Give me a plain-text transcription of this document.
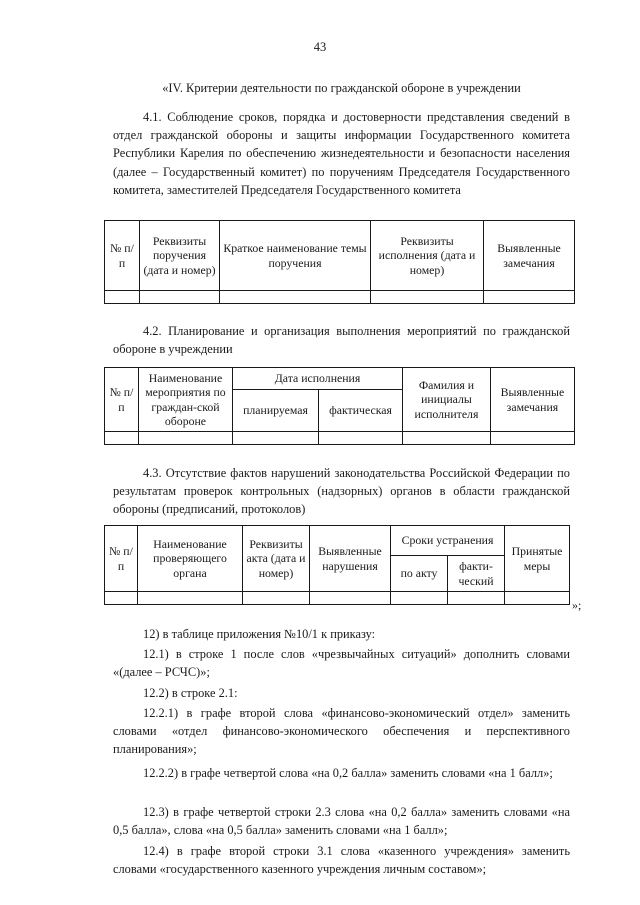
43
«IV. Критерии деятельности по гражданской обороне в учреждении
4.1. Соблюдение сроков, порядка и достоверности представления сведений в отдел гражданской обороны и защиты информации Государственного комитета Республики Карелия по обеспечению жизнедеятельности и безопасности населения (далее – Государственный комитет) по поручениям Председателя Государственного комитета, заместителей Председателя Государственного комитета
№ п/п	Реквизиты поручения (дата и номер)	Краткое наименование темы поручения	Реквизиты исполнения (дата и номер)	Выявленные замечания

4.2. Планирование и организация выполнения мероприятий по гражданской обороне в учреждении
№ п/п	Наименование мероприятия по граждан-ской обороне	Дата исполнения		Фамилия и инициалы исполнителя	Выявленные замечания
		планируемая	фактическая		

4.3. Отсутствие фактов нарушений законодательства Российской Федерации по результатам проверок контрольных (надзорных) органов в области гражданской обороны (предписаний, протоколов)
№ п/п	Наименование проверяющего органа	Реквизиты акта (дата и номер)	Выявленные нарушения	Сроки устранения		Принятые меры
				по акту	факти-ческий	

»;
12) в таблице приложения №10/1 к приказу:
12.1) в строке 1 после слов «чрезвычайных ситуаций» дополнить словами «(далее – РСЧС)»;
12.2) в строке 2.1:
12.2.1) в графе второй слова «финансово-экономический отдел» заменить словами «отдел финансово-экономического обеспечения и перспективного планирования»;
12.2.2) в графе четвертой слова «на 0,2 балла» заменить словами «на 1 балл»;
12.3) в графе четвертой строки 2.3 слова «на 0,2 балла» заменить словами «на 0,5 балла», слова «на 0,5 балла» заменить словами «на 1 балл»;
12.4) в графе второй строки 3.1 слова «казенного учреждения» заменить словами «государственного казенного учреждения личным составом»;
